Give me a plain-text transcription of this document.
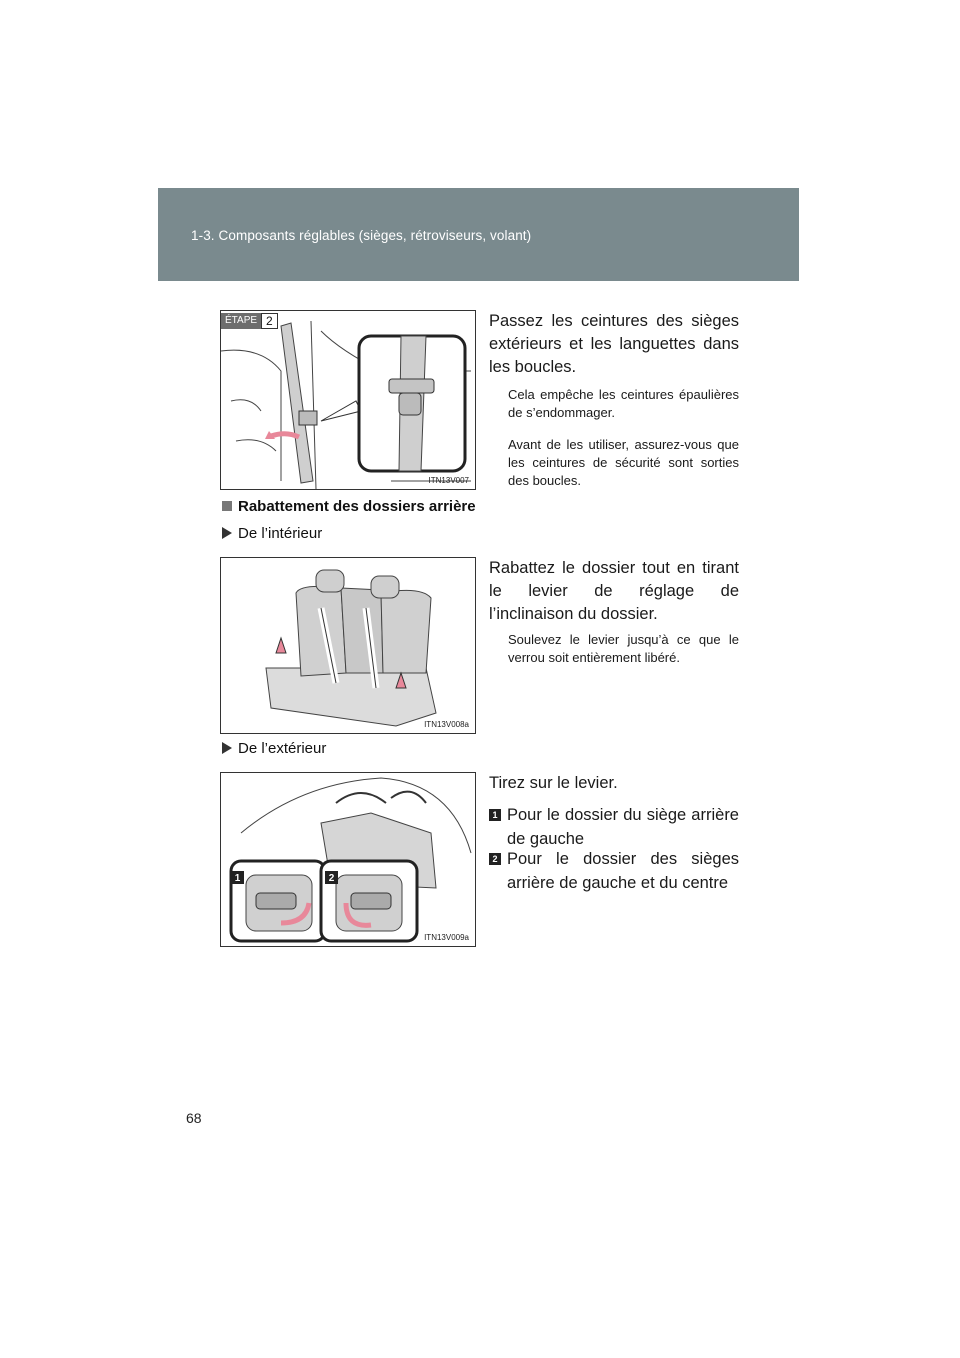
1-3. Composants réglables (sièges, rétroviseurs, volant)
ÉTAPE 2
ITN13V007
Passez les ceintures des sièges extérieurs et les languettes dans les boucles.
Cela empêche les ceintures épaulières de s’endommager.
Avant de les utiliser, assurez-vous que les ceintures de sécurité sont sorties des boucles.
Rabattement des dossiers arrière
De l’intérieur
ITN13V008a
Rabattez le dossier tout en tirant le levier de réglage de l’inclinaison du dossier.
Soulevez le levier jusqu’à ce que le verrou soit entièrement libéré.
De l’extérieur
1	2
ITN13V009a
Tirez sur le levier.
1 Pour le dossier du siège arrière de gauche
2 Pour le dossier des sièges arrière de gauche et du centre
68
